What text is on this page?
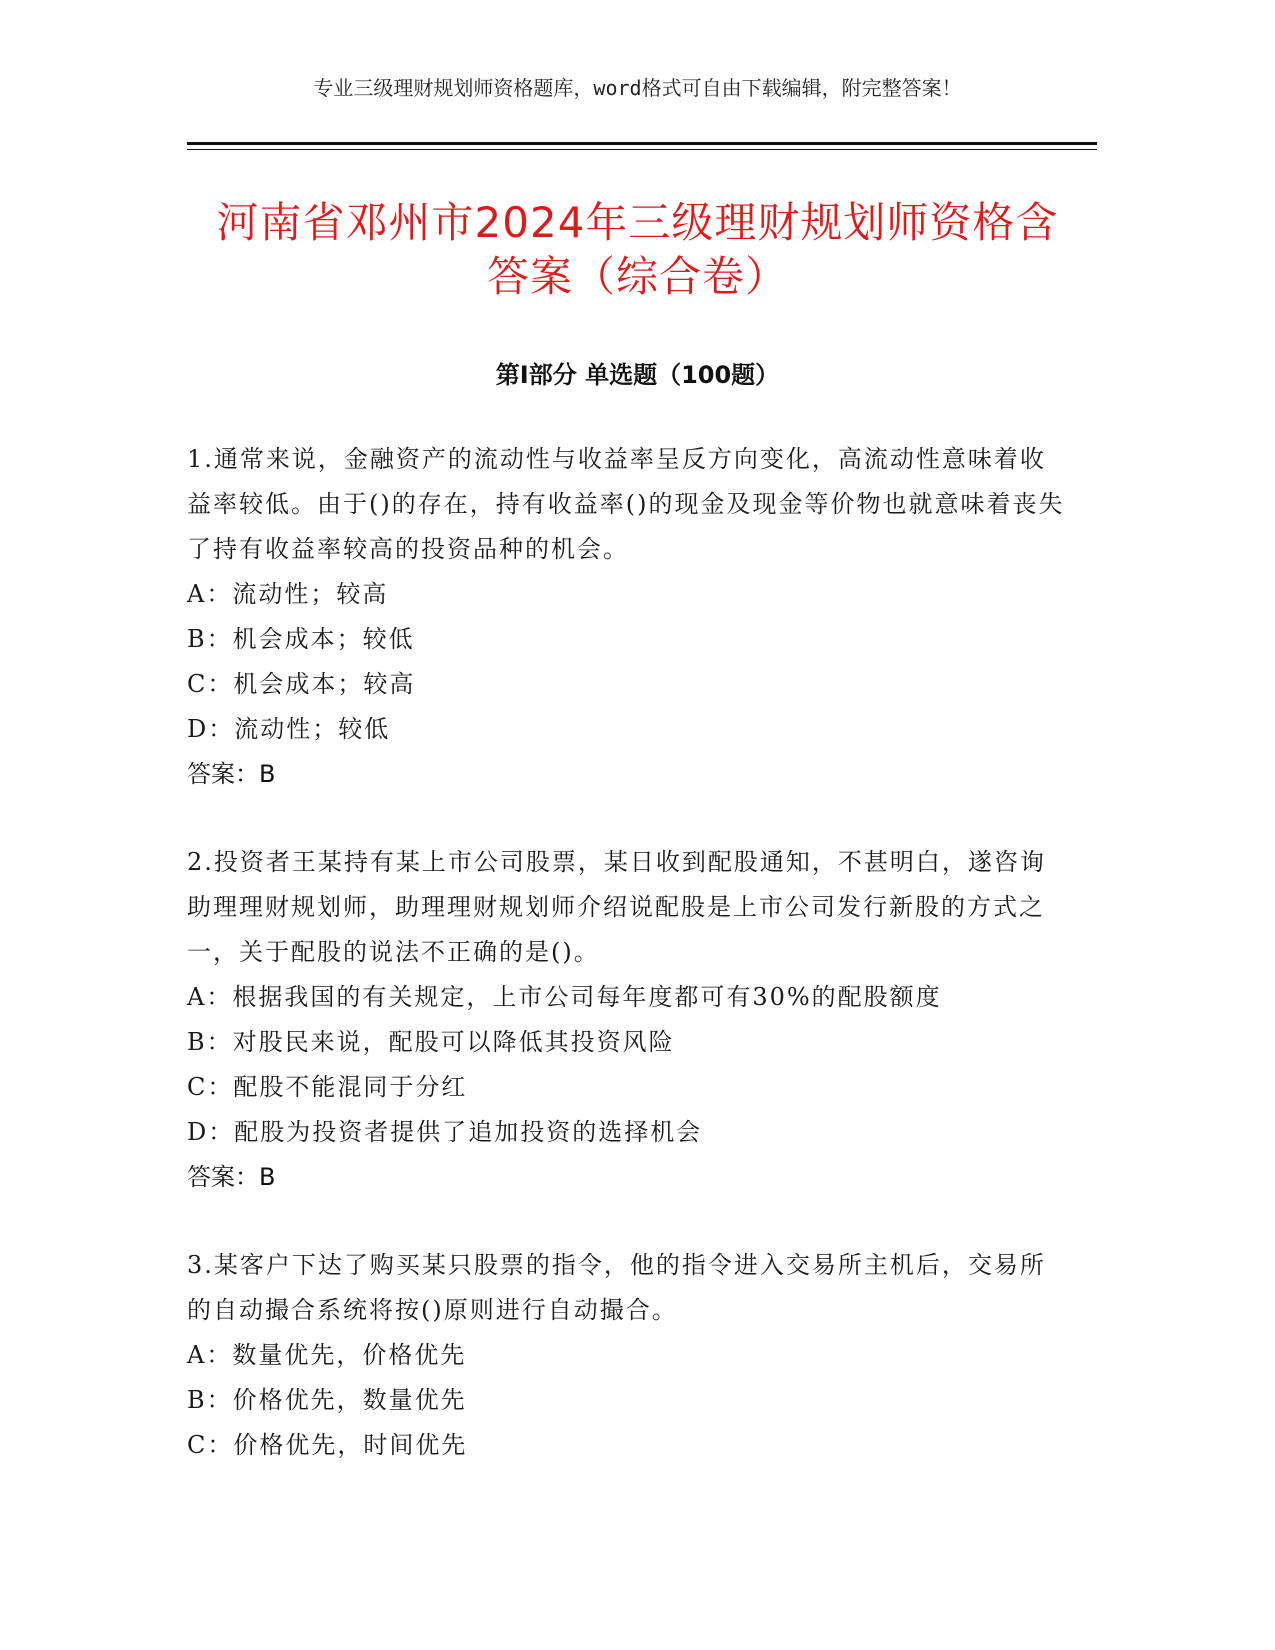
专业三级理财规划师资格题库，word格式可自由下载编辑，附完整答案！
河南省邓州市2024年三级理财规划师资格含
答案（综合卷）
第Ⅰ部分 单选题（100题）

1.通常来说，金融资产的流动性与收益率呈反方向变化，高流动性意味着收益率较低。由于()的存在，持有收益率()的现金及现金等价物也就意味着丧失了持有收益率较高的投资品种的机会。

A：流动性；较高

B：机会成本；较低

C：机会成本；较高

D：流动性；较低

答案：B

2.投资者王某持有某上市公司股票，某日收到配股通知，不甚明白，遂咨询助理理财规划师，助理理财规划师介绍说配股是上市公司发行新股的方式之一，关于配股的说法不正确的是()。

A：根据我国的有关规定，上市公司每年度都可有30%的配股额度

B：对股民来说，配股可以降低其投资风险

C：配股不能混同于分红

D：配股为投资者提供了追加投资的选择机会

答案：B

3.某客户下达了购买某只股票的指令，他的指令进入交易所主机后，交易所的自动撮合系统将按()原则进行自动撮合。

A：数量优先，价格优先

B：价格优先，数量优先

C：价格优先，时间优先
